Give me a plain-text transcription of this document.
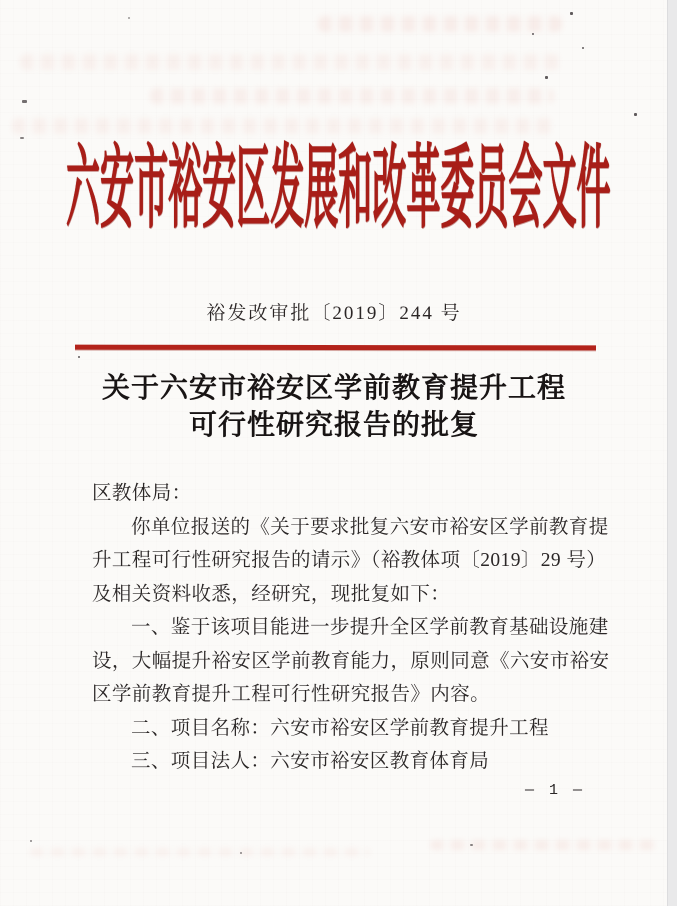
六安市裕安区发展和改革委员会文件
裕发改审批〔2019〕244 号
关于六安市裕安区学前教育提升工程
可行性研究报告的批复
区教体局：
你单位报送的《关于要求批复六安市裕安区学前教育提
升工程可行性研究报告的请示》（裕教体项〔2019〕29 号）
及相关资料收悉，经研究，现批复如下：
一、鉴于该项目能进一步提升全区学前教育基础设施建
设，大幅提升裕安区学前教育能力，原则同意《六安市裕安
区学前教育提升工程可行性研究报告》内容。
二、项目名称：六安市裕安区学前教育提升工程
三、项目法人：六安市裕安区教育体育局
— 1 —
